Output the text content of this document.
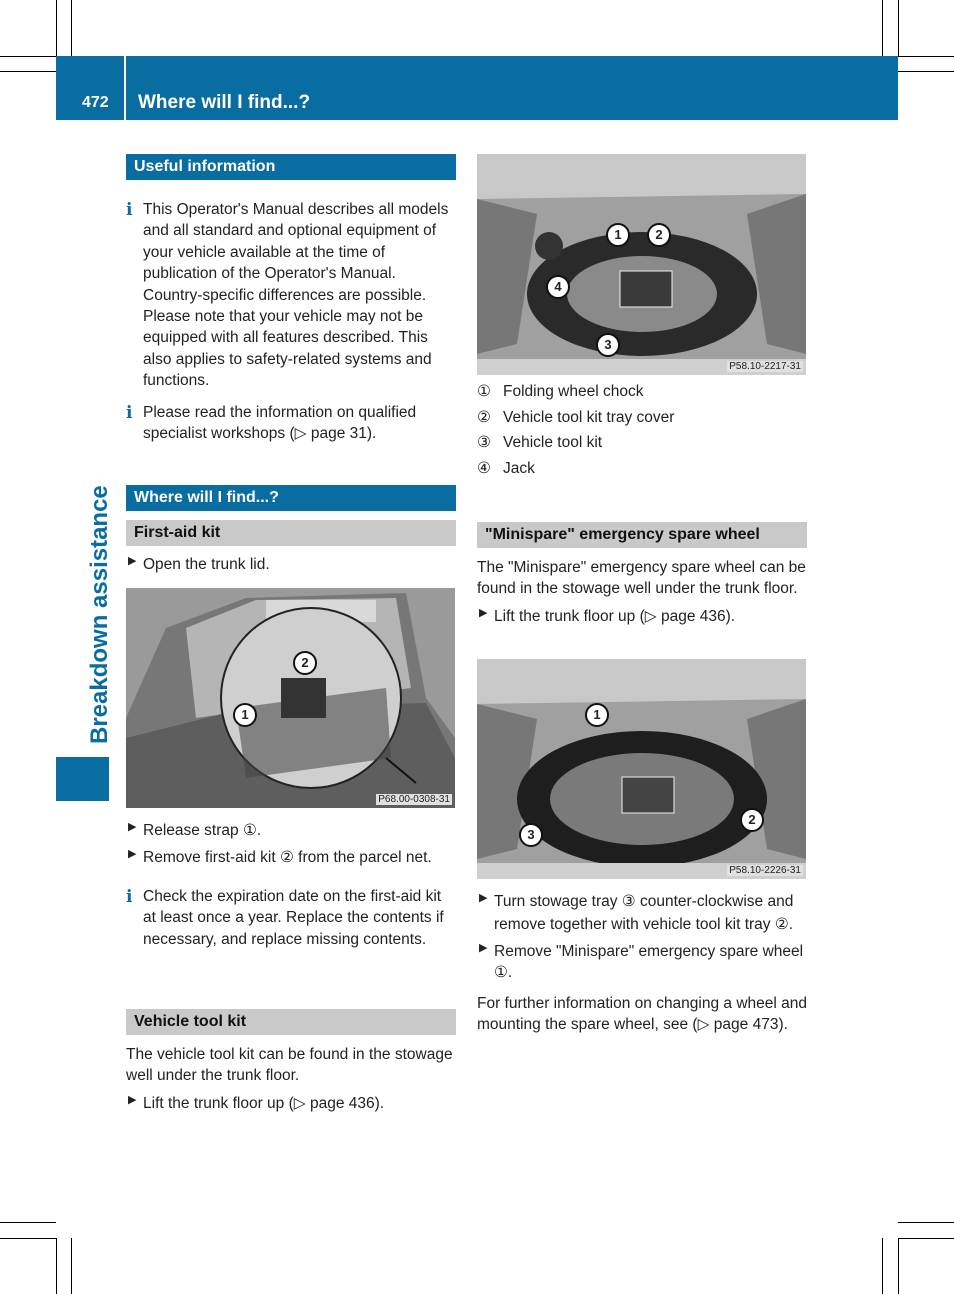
472 Where will I find...?
Breakdown assistance
Useful information
i This Operator's Manual describes all models and all standard and optional equipment of your vehicle available at the time of publication of the Operator's Manual. Country-specific differences are possible. Please note that your vehicle may not be equipped with all features described. This also applies to safety-related systems and functions.

i Please read the information on qualified specialist workshops (▷ page 31).

Where will I find...?
First-aid kit
▶ Open the trunk lid.

P68.00-0308-31
1
2
▶ Release strap ①.

▶ Remove first-aid kit ② from the parcel net.

i Check the expiration date on the first-aid kit at least once a year. Replace the contents if necessary, and replace missing contents.

Vehicle tool kit

The vehicle tool kit can be found in the stowage well under the trunk floor.

▶ Lift the trunk floor up (▷ page 436).

P58.10-2217-31
1	2
4
3
① Folding wheel chock
② Vehicle tool kit tray cover
③ Vehicle tool kit
④ Jack
"Minispare" emergency spare wheel

The "Minispare" emergency spare wheel can be found in the stowage well under the trunk floor.

▶ Lift the trunk floor up (▷ page 436).

P58.10-2226-31
1
2
3
▶ Turn stowage tray ③ counter-clockwise and remove together with vehicle tool kit tray ②.

▶ Remove "Minispare" emergency spare wheel ①.

For further information on changing a wheel and mounting the spare wheel, see (▷ page 473).
